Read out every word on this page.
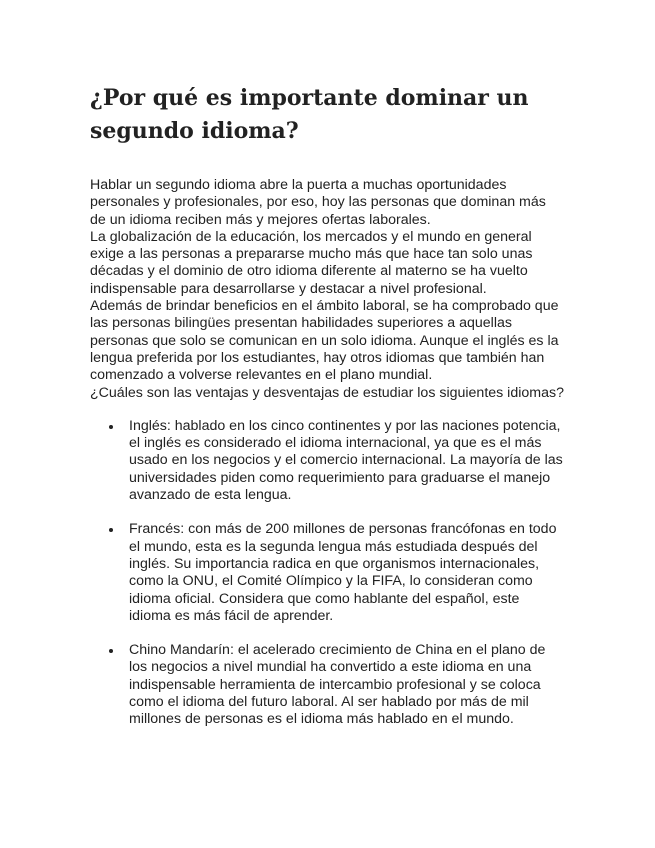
¿Por qué es importante dominar un segundo idioma?

Hablar un segundo idioma abre la puerta a muchas oportunidades personales y profesionales, por eso, hoy las personas que dominan más de un idioma reciben más y mejores ofertas laborales.

La globalización de la educación, los mercados y el mundo en general exige a las personas a prepararse mucho más que hace tan solo unas décadas y el dominio de otro idioma diferente al materno se ha vuelto indispensable para desarrollarse y destacar a nivel profesional.

Además de brindar beneficios en el ámbito laboral, se ha comprobado que las personas bilingües presentan habilidades superiores a aquellas personas que solo se comunican en un solo idioma. Aunque el inglés es la lengua preferida por los estudiantes, hay otros idiomas que también han comenzado a volverse relevantes en el plano mundial.

¿Cuáles son las ventajas y desventajas de estudiar los siguientes idiomas?

Inglés: hablado en los cinco continentes y por las naciones potencia, el inglés es considerado el idioma internacional, ya que es el más usado en los negocios y el comercio internacional. La mayoría de las universidades piden como requerimiento para graduarse el manejo avanzado de esta lengua.
Francés: con más de 200 millones de personas francófonas en todo el mundo, esta es la segunda lengua más estudiada después del inglés. Su importancia radica en que organismos internacionales, como la ONU, el Comité Olímpico y la FIFA, lo consideran como idioma oficial. Considera que como hablante del español, este idioma es más fácil de aprender.
Chino Mandarín: el acelerado crecimiento de China en el plano de los negocios a nivel mundial ha convertido a este idioma en una indispensable herramienta de intercambio profesional y se coloca como el idioma del futuro laboral. Al ser hablado por más de mil millones de personas es el idioma más hablado en el mundo.
